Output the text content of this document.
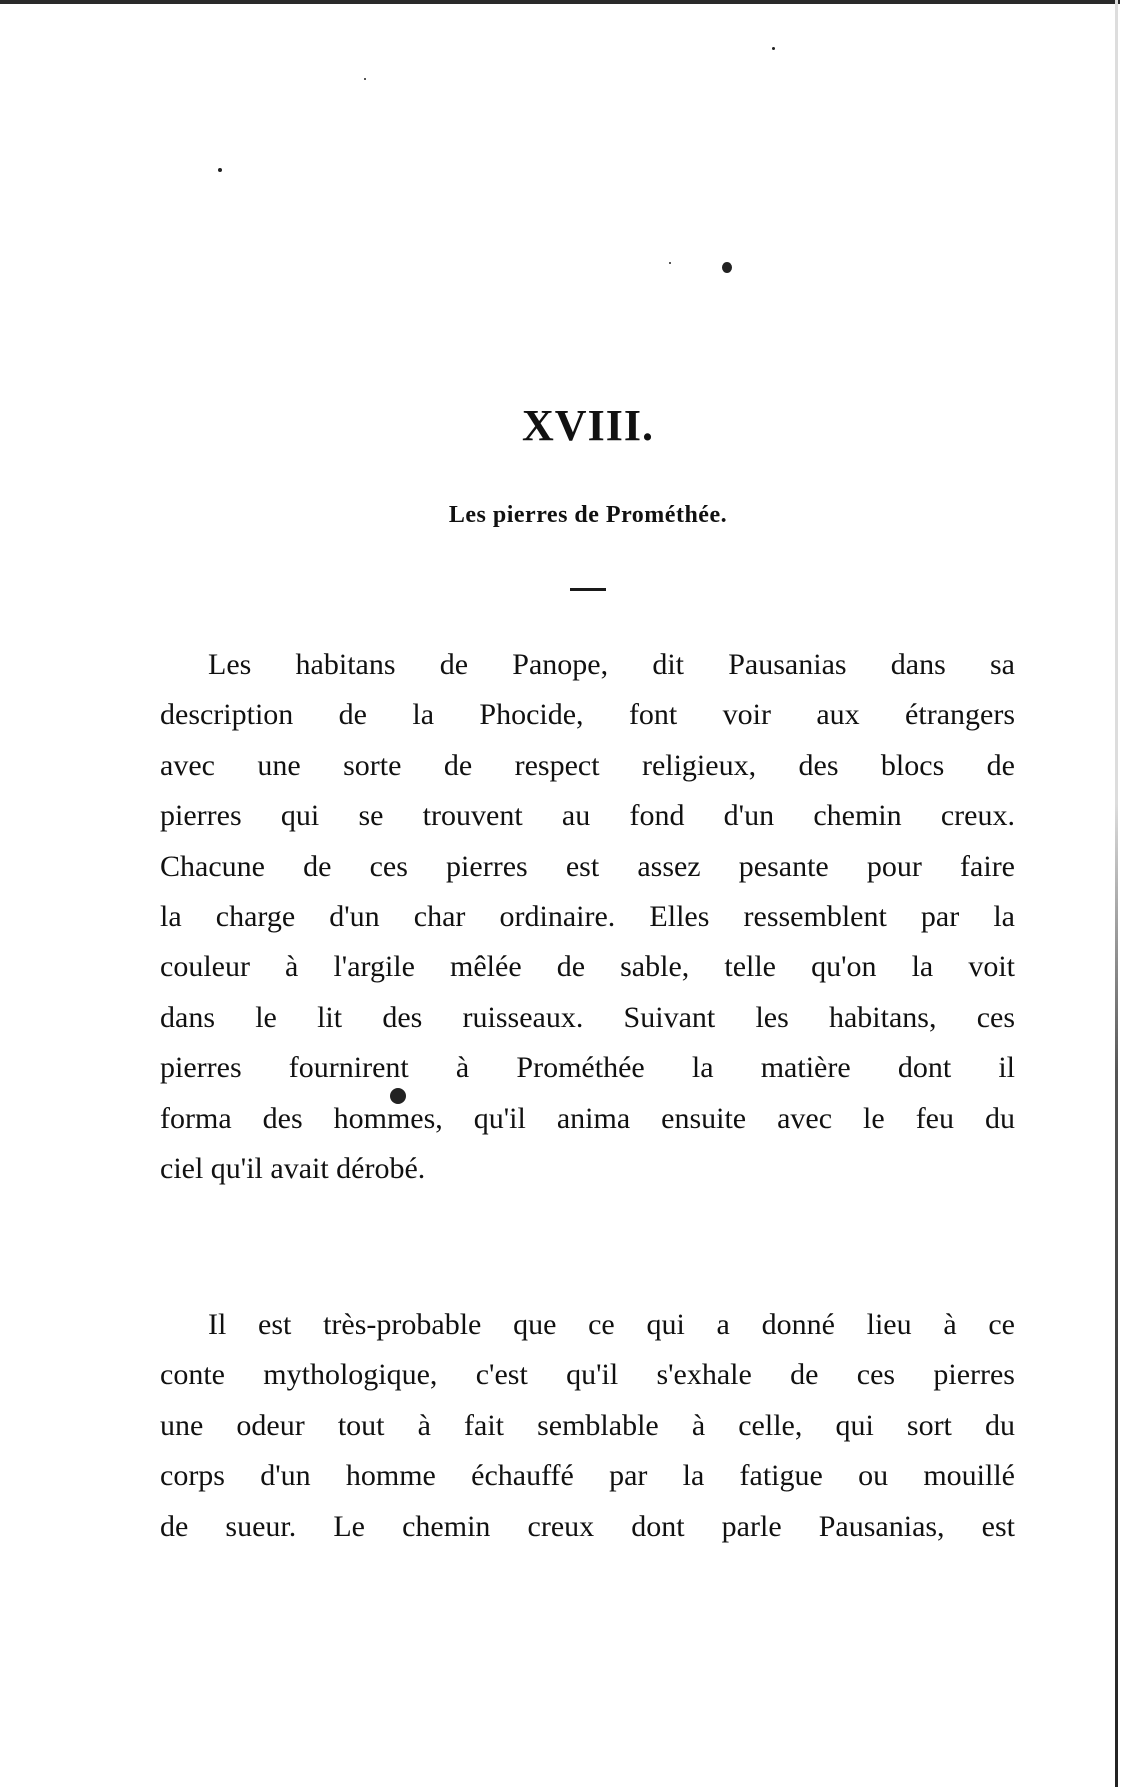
XVIII.
Les pierres de Prométhée.
Les habitans de Panope, dit Pausanias dans sa
description de la Phocide, font voir aux étrangers
avec une sorte de respect religieux, des blocs de
pierres qui se trouvent au fond d'un chemin creux.
Chacune de ces pierres est assez pesante pour faire
la charge d'un char ordinaire. Elles ressemblent par la
couleur à l'argile mêlée de sable, telle qu'on la voit
dans le lit des ruisseaux. Suivant les habitans, ces
pierres fournirent à Prométhée la matière dont il
forma des hommes, qu'il anima ensuite avec le feu du
ciel qu'il avait dérobé.
Il est très-probable que ce qui a donné lieu à ce
conte mythologique, c'est qu'il s'exhale de ces pierres
une odeur tout à fait semblable à celle, qui sort du
corps d'un homme échauffé par la fatigue ou mouillé
de sueur. Le chemin creux dont parle Pausanias, est
